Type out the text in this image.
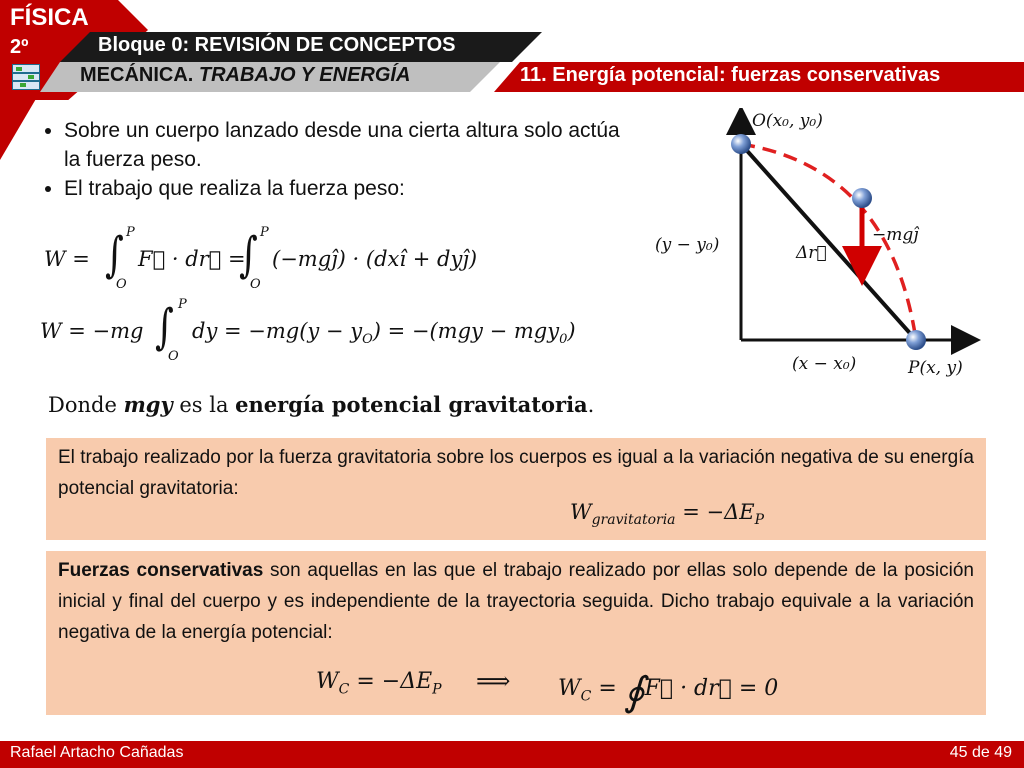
FÍSICA
2º	Bloque 0: REVISIÓN DE CONCEPTOS
MECÁNICA. TRABAJO Y ENERGÍA	11. Energía potencial: fuerzas conservativas
• Sobre un cuerpo lanzado desde una cierta altura solo actúa la fuerza peso.
• El trabajo que realiza la fuerza peso:
W = ∫ P
O
F⃗ · dr⃗ =
∫ P
O
(−mgĵ) · (dxî + dyĵ)
W = −mg ∫ P
O
dy = $-mg(y - y_O) = -(mgy - mgy_0)$
Donde mgy es la energía potencial gravitatoria.
O(x₀, y₀)
P(x, y)
(y − y₀)
(x − x₀)
Δr⃗
−mgĵ
El trabajo realizado por la fuerza gravitatoria sobre los cuerpos es igual a la variación negativa de su energía potencial gravitatoria:
$W_{gravitatoria} = -\Delta E_P$
Fuerzas conservativas son aquellas en las que el trabajo realizado por ellas solo depende de la posición inicial y final del cuerpo y es independiente de la trayectoria seguida. Dicho trabajo equivale a la variación negativa de la energía potencial:
$W_C = -\Delta E_P$ ⟹ $W_C$ = ∮F⃗ · dr⃗ = 0
Rafael Artacho Cañadas	45 de 49
